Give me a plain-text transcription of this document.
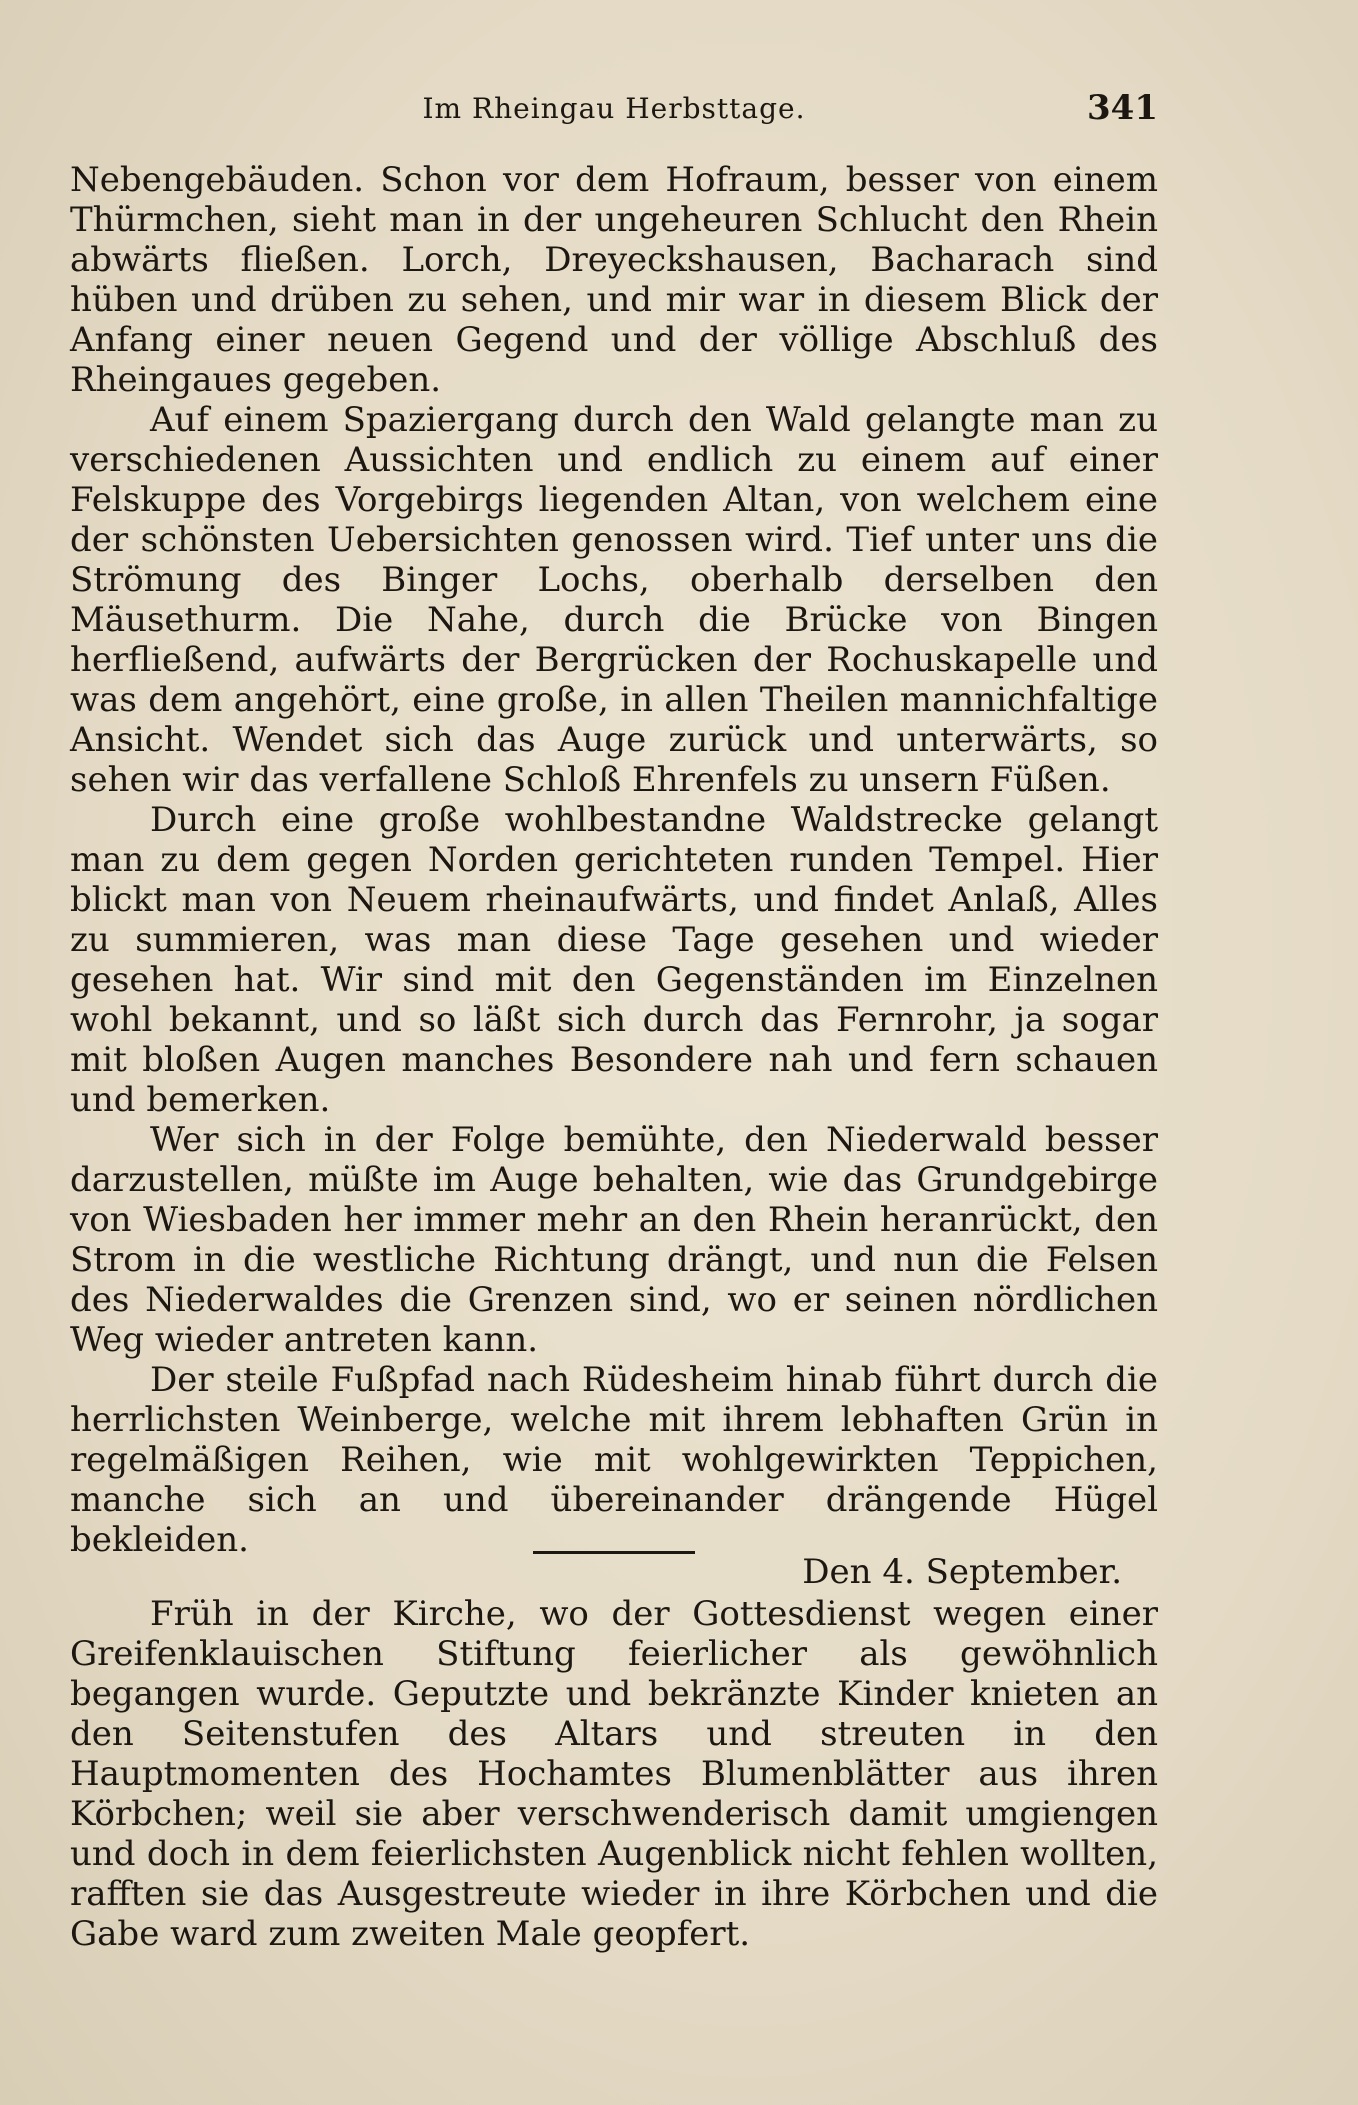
Im Rheingau Herbsttage.	341

Nebengebäuden. Schon vor dem Hofraum, besser von einem Thürmchen, sieht man in der ungeheuren Schlucht den Rhein abwärts fließen. Lorch, Dreyeckshausen, Bacharach sind hüben und drüben zu sehen, und mir war in diesem Blick der Anfang einer neuen Gegend und der völlige Abschluß des Rheingaues gegeben.

Auf einem Spaziergang durch den Wald gelangte man zu verschiedenen Aussichten und endlich zu einem auf einer Felskuppe des Vorgebirgs liegenden Altan, von welchem eine der schönsten Uebersichten genossen wird. Tief unter uns die Strömung des Binger Lochs, oberhalb derselben den Mäusethurm. Die Nahe, durch die Brücke von Bingen herfließend, aufwärts der Bergrücken der Rochuskapelle und was dem angehört, eine große, in allen Theilen mannichfaltige Ansicht. Wendet sich das Auge zurück und unterwärts, so sehen wir das verfallene Schloß Ehrenfels zu unsern Füßen.

Durch eine große wohlbestandne Waldstrecke gelangt man zu dem gegen Norden gerichteten runden Tempel. Hier blickt man von Neuem rheinaufwärts, und findet Anlaß, Alles zu summieren, was man diese Tage gesehen und wieder gesehen hat. Wir sind mit den Gegenständen im Einzelnen wohl bekannt, und so läßt sich durch das Fernrohr, ja sogar mit bloßen Augen manches Besondere nah und fern schauen und bemerken.

Wer sich in der Folge bemühte, den Niederwald besser darzustellen, müßte im Auge behalten, wie das Grundgebirge von Wiesbaden her immer mehr an den Rhein heranrückt, den Strom in die westliche Richtung drängt, und nun die Felsen des Niederwaldes die Grenzen sind, wo er seinen nördlichen Weg wieder antreten kann.

Der steile Fußpfad nach Rüdesheim hinab führt durch die herrlichsten Weinberge, welche mit ihrem lebhaften Grün in regelmäßigen Reihen, wie mit wohlgewirkten Teppichen, manche sich an und übereinander drängende Hügel bekleiden.

Den 4. September.

Früh in der Kirche, wo der Gottesdienst wegen einer Greifenklauischen Stiftung feierlicher als gewöhnlich begangen wurde. Geputzte und bekränzte Kinder knieten an den Seitenstufen des Altars und streuten in den Hauptmomenten des Hochamtes Blumenblätter aus ihren Körbchen; weil sie aber verschwenderisch damit umgiengen und doch in dem feierlichsten Augenblick nicht fehlen wollten, rafften sie das Ausgestreute wieder in ihre Körbchen und die Gabe ward zum zweiten Male geopfert.
